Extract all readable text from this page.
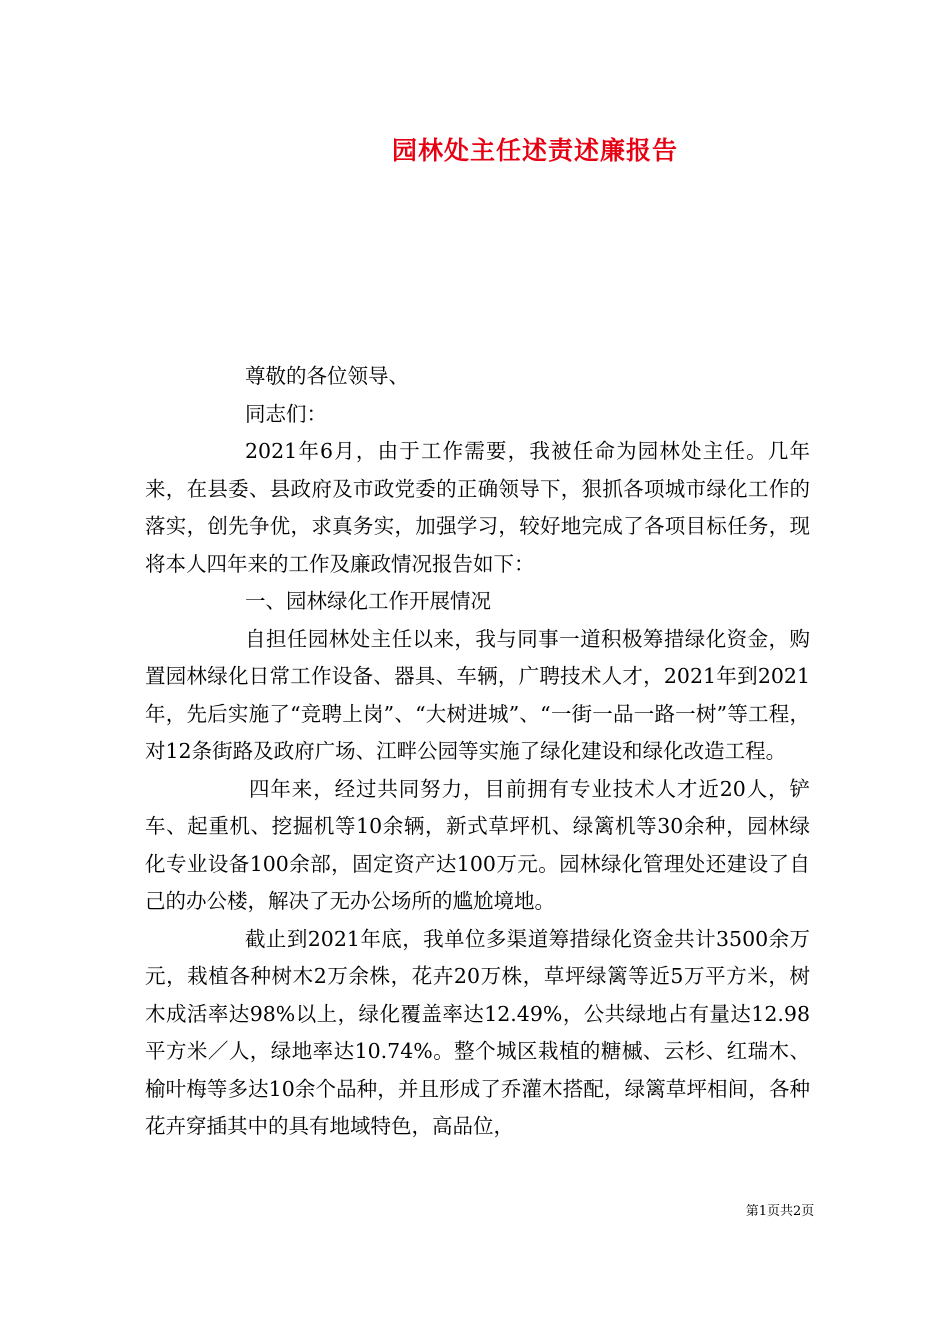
园林处主任述责述廉报告

尊敬的各位领导、

同志们：

2021年6月，由于工作需要，我被任命为园林处主任。几年来，在县委、县政府及市政党委的正确领导下，狠抓各项城市绿化工作的落实，创先争优，求真务实，加强学习，较好地完成了各项目标任务，现将本人四年来的工作及廉政情况报告如下：

一、园林绿化工作开展情况

自担任园林处主任以来，我与同事一道积极筹措绿化资金，购置园林绿化日常工作设备、器具、车辆，广聘技术人才，2021年到2021年，先后实施了“竞聘上岗”、“大树进城”、“一街一品一路一树”等工程，对12条街路及政府广场、江畔公园等实施了绿化建设和绿化改造工程。

四年来，经过共同努力，目前拥有专业技术人才近20人，铲车、起重机、挖掘机等10余辆，新式草坪机、绿篱机等30余种，园林绿化专业设备100余部，固定资产达100万元。园林绿化管理处还建设了自己的办公楼，解决了无办公场所的尴尬境地。

截止到2021年底，我单位多渠道筹措绿化资金共计3500余万元，栽植各种树木2万余株，花卉20万株，草坪绿篱等近5万平方米，树木成活率达98%以上，绿化覆盖率达12.49%，公共绿地占有量达12.98平方米／人，绿地率达10.74%。整个城区栽植的糖槭、云杉、红瑞木、榆叶梅等多达10余个品种，并且形成了乔灌木搭配，绿篱草坪相间，各种花卉穿插其中的具有地域特色，高品位，

第1页共2页
